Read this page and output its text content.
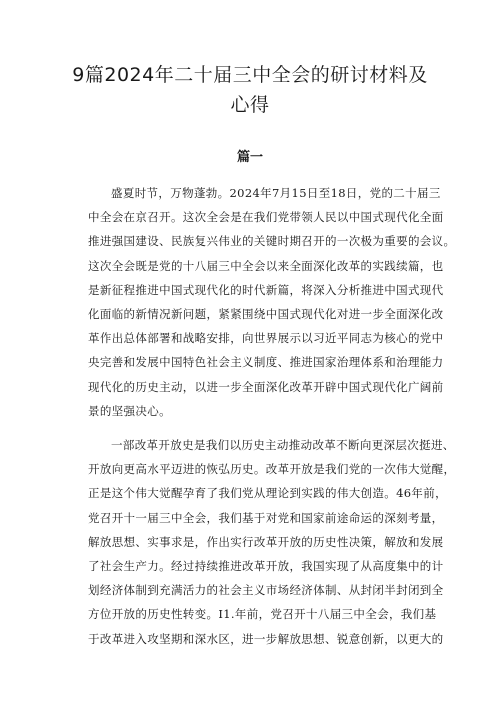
9篇2024年二十届三中全会的研讨材料及
心得
篇一

盛夏时节，万物蓬勃。2024年7月15日至18日，党的二十届三
中全会在京召开。这次全会是在我们党带领人民以中国式现代化全面
推进强国建设、民族复兴伟业的关键时期召开的一次极为重要的会议。
这次全会既是党的十八届三中全会以来全面深化改革的实践续篇，也
是新征程推进中国式现代化的时代新篇，将深入分析推进中国式现代
化面临的新情况新问题，紧紧围绕中国式现代化对进一步全面深化改
革作出总体部署和战略安排，向世界展示以习近平同志为核心的党中
央完善和发展中国特色社会主义制度、推进国家治理体系和治理能力
现代化的历史主动，以进一步全面深化改革开辟中国式现代化广阔前
景的坚强决心。

一部改革开放史是我们以历史主动推动改革不断向更深层次挺进、
开放向更高水平迈进的恢弘历史。改革开放是我们党的一次伟大觉醒，
正是这个伟大觉醒孕育了我们党从理论到实践的伟大创造。46年前，
党召开十一届三中全会，我们基于对党和国家前途命运的深刻考量，
解放思想、实事求是，作出实行改革开放的历史性决策，解放和发展
了社会生产力。经过持续推进改革开放，我国实现了从高度集中的计
划经济体制到充满活力的社会主义市场经济体制、从封闭半封闭到全
方位开放的历史性转变。I1.年前，党召开十八届三中全会，我们基
于改革进入攻坚期和深水区，进一步解放思想、锐意创新，以更大的
